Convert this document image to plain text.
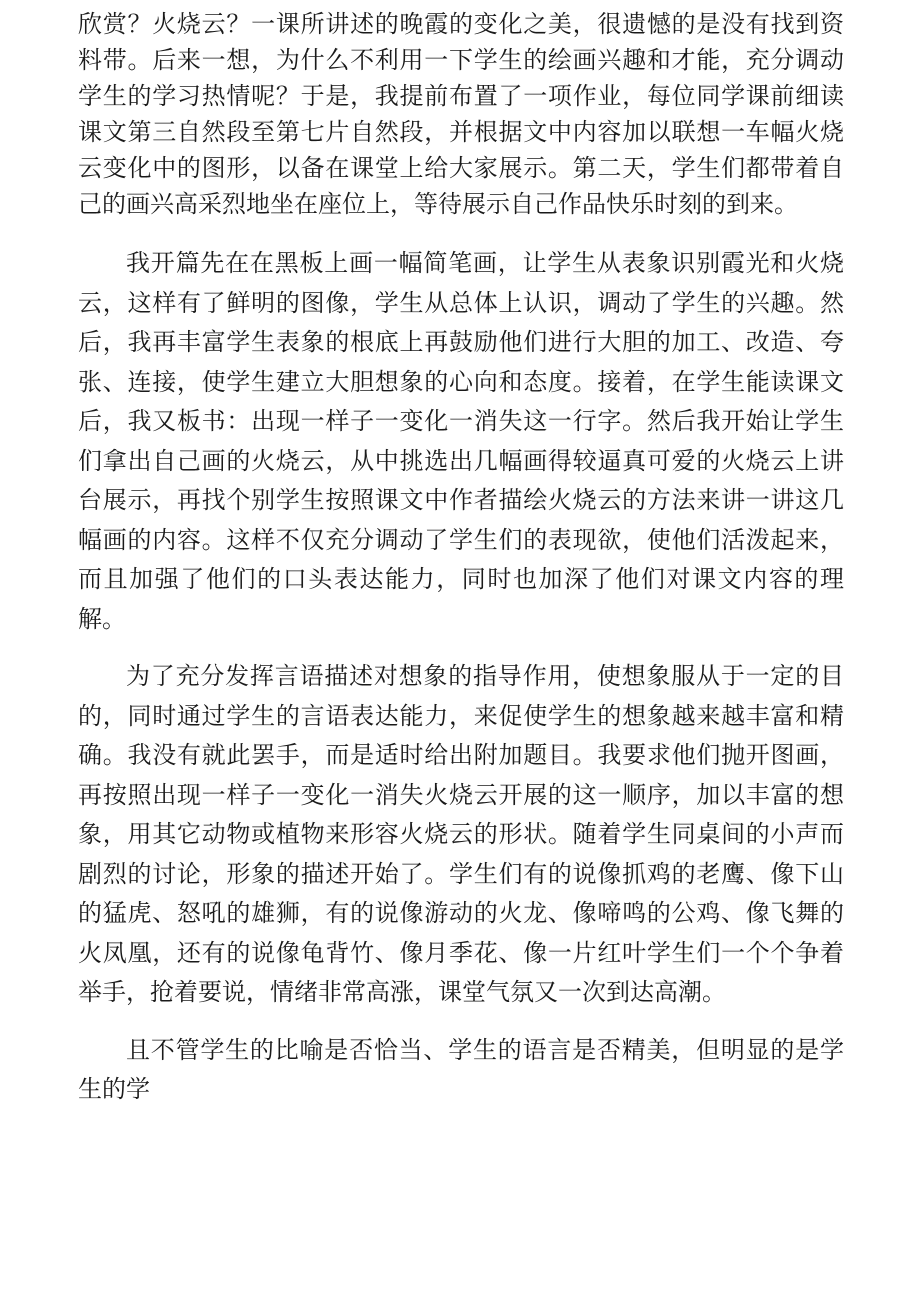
欣赏？火烧云？一课所讲述的晚霞的变化之美，很遗憾的是没有找到资料带。后来一想，为什么不利用一下学生的绘画兴趣和才能，充分调动学生的学习热情呢？于是，我提前布置了一项作业，每位同学课前细读课文第三自然段至第七片自然段，并根据文中内容加以联想一车幅火烧云变化中的图形，以备在课堂上给大家展示。第二天，学生们都带着自己的画兴高采烈地坐在座位上，等待展示自己作品快乐时刻的到来。

我开篇先在在黑板上画一幅简笔画，让学生从表象识别霞光和火烧云，这样有了鲜明的图像，学生从总体上认识，调动了学生的兴趣。然后，我再丰富学生表象的根底上再鼓励他们进行大胆的加工、改造、夸张、连接，使学生建立大胆想象的心向和态度。接着，在学生能读课文后，我又板书：出现一样子一变化一消失这一行字。然后我开始让学生们拿出自己画的火烧云，从中挑选出几幅画得较逼真可爱的火烧云上讲台展示，再找个别学生按照课文中作者描绘火烧云的方法来讲一讲这几幅画的内容。这样不仅充分调动了学生们的表现欲，使他们活泼起来，而且加强了他们的口头表达能力，同时也加深了他们对课文内容的理解。

为了充分发挥言语描述对想象的指导作用，使想象服从于一定的目的，同时通过学生的言语表达能力，来促使学生的想象越来越丰富和精确。我没有就此罢手，而是适时给出附加题目。我要求他们抛开图画，再按照出现一样子一变化一消失火烧云开展的这一顺序，加以丰富的想象，用其它动物或植物来形容火烧云的形状。随着学生同桌间的小声而剧烈的讨论，形象的描述开始了。学生们有的说像抓鸡的老鹰、像下山的猛虎、怒吼的雄狮，有的说像游动的火龙、像啼鸣的公鸡、像飞舞的火凤凰，还有的说像龟背竹、像月季花、像一片红叶学生们一个个争着举手，抢着要说，情绪非常高涨，课堂气氛又一次到达高潮。

且不管学生的比喻是否恰当、学生的语言是否精美，但明显的是学生的学
